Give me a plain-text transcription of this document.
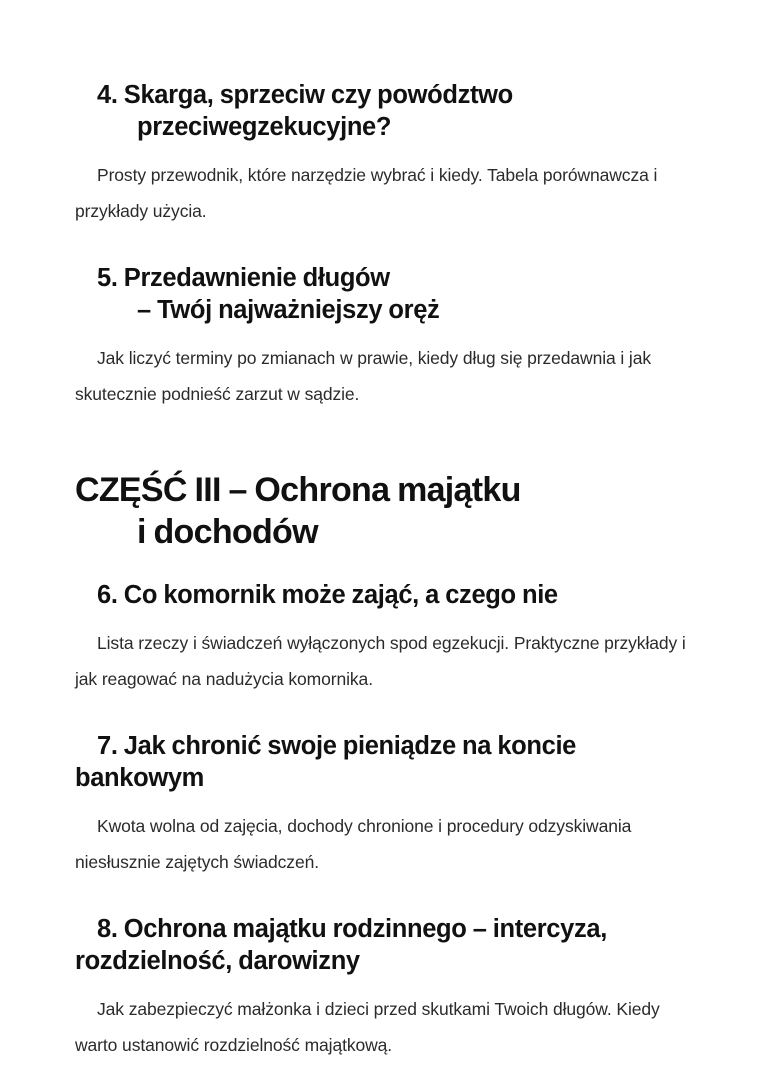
4. Skarga, sprzeciw czy powództwo
przeciwegzekucyjne?

Prosty przewodnik, które narzędzie wybrać i kiedy. Tabela porównawcza i przykłady użycia.

5. Przedawnienie długów
– Twój najważniejszy oręż

Jak liczyć terminy po zmianach w prawie, kiedy dług się przedawnia i jak skutecznie podnieść zarzut w sądzie.

CZĘŚĆ III – Ochrona majątku
i dochodów
6. Co komornik może zająć, a czego nie

Lista rzeczy i świadczeń wyłączonych spod egzekucji. Praktyczne przykłady i jak reagować na nadużycia komornika.

7. Jak chronić swoje pieniądze na koncie bankowym

Kwota wolna od zajęcia, dochody chronione i procedury odzyskiwania niesłusznie zajętych świadczeń.

8. Ochrona majątku rodzinnego – intercyza, rozdzielność, darowizny

Jak zabezpieczyć małżonka i dzieci przed skutkami Twoich długów. Kiedy warto ustanowić rozdzielność majątkową.
